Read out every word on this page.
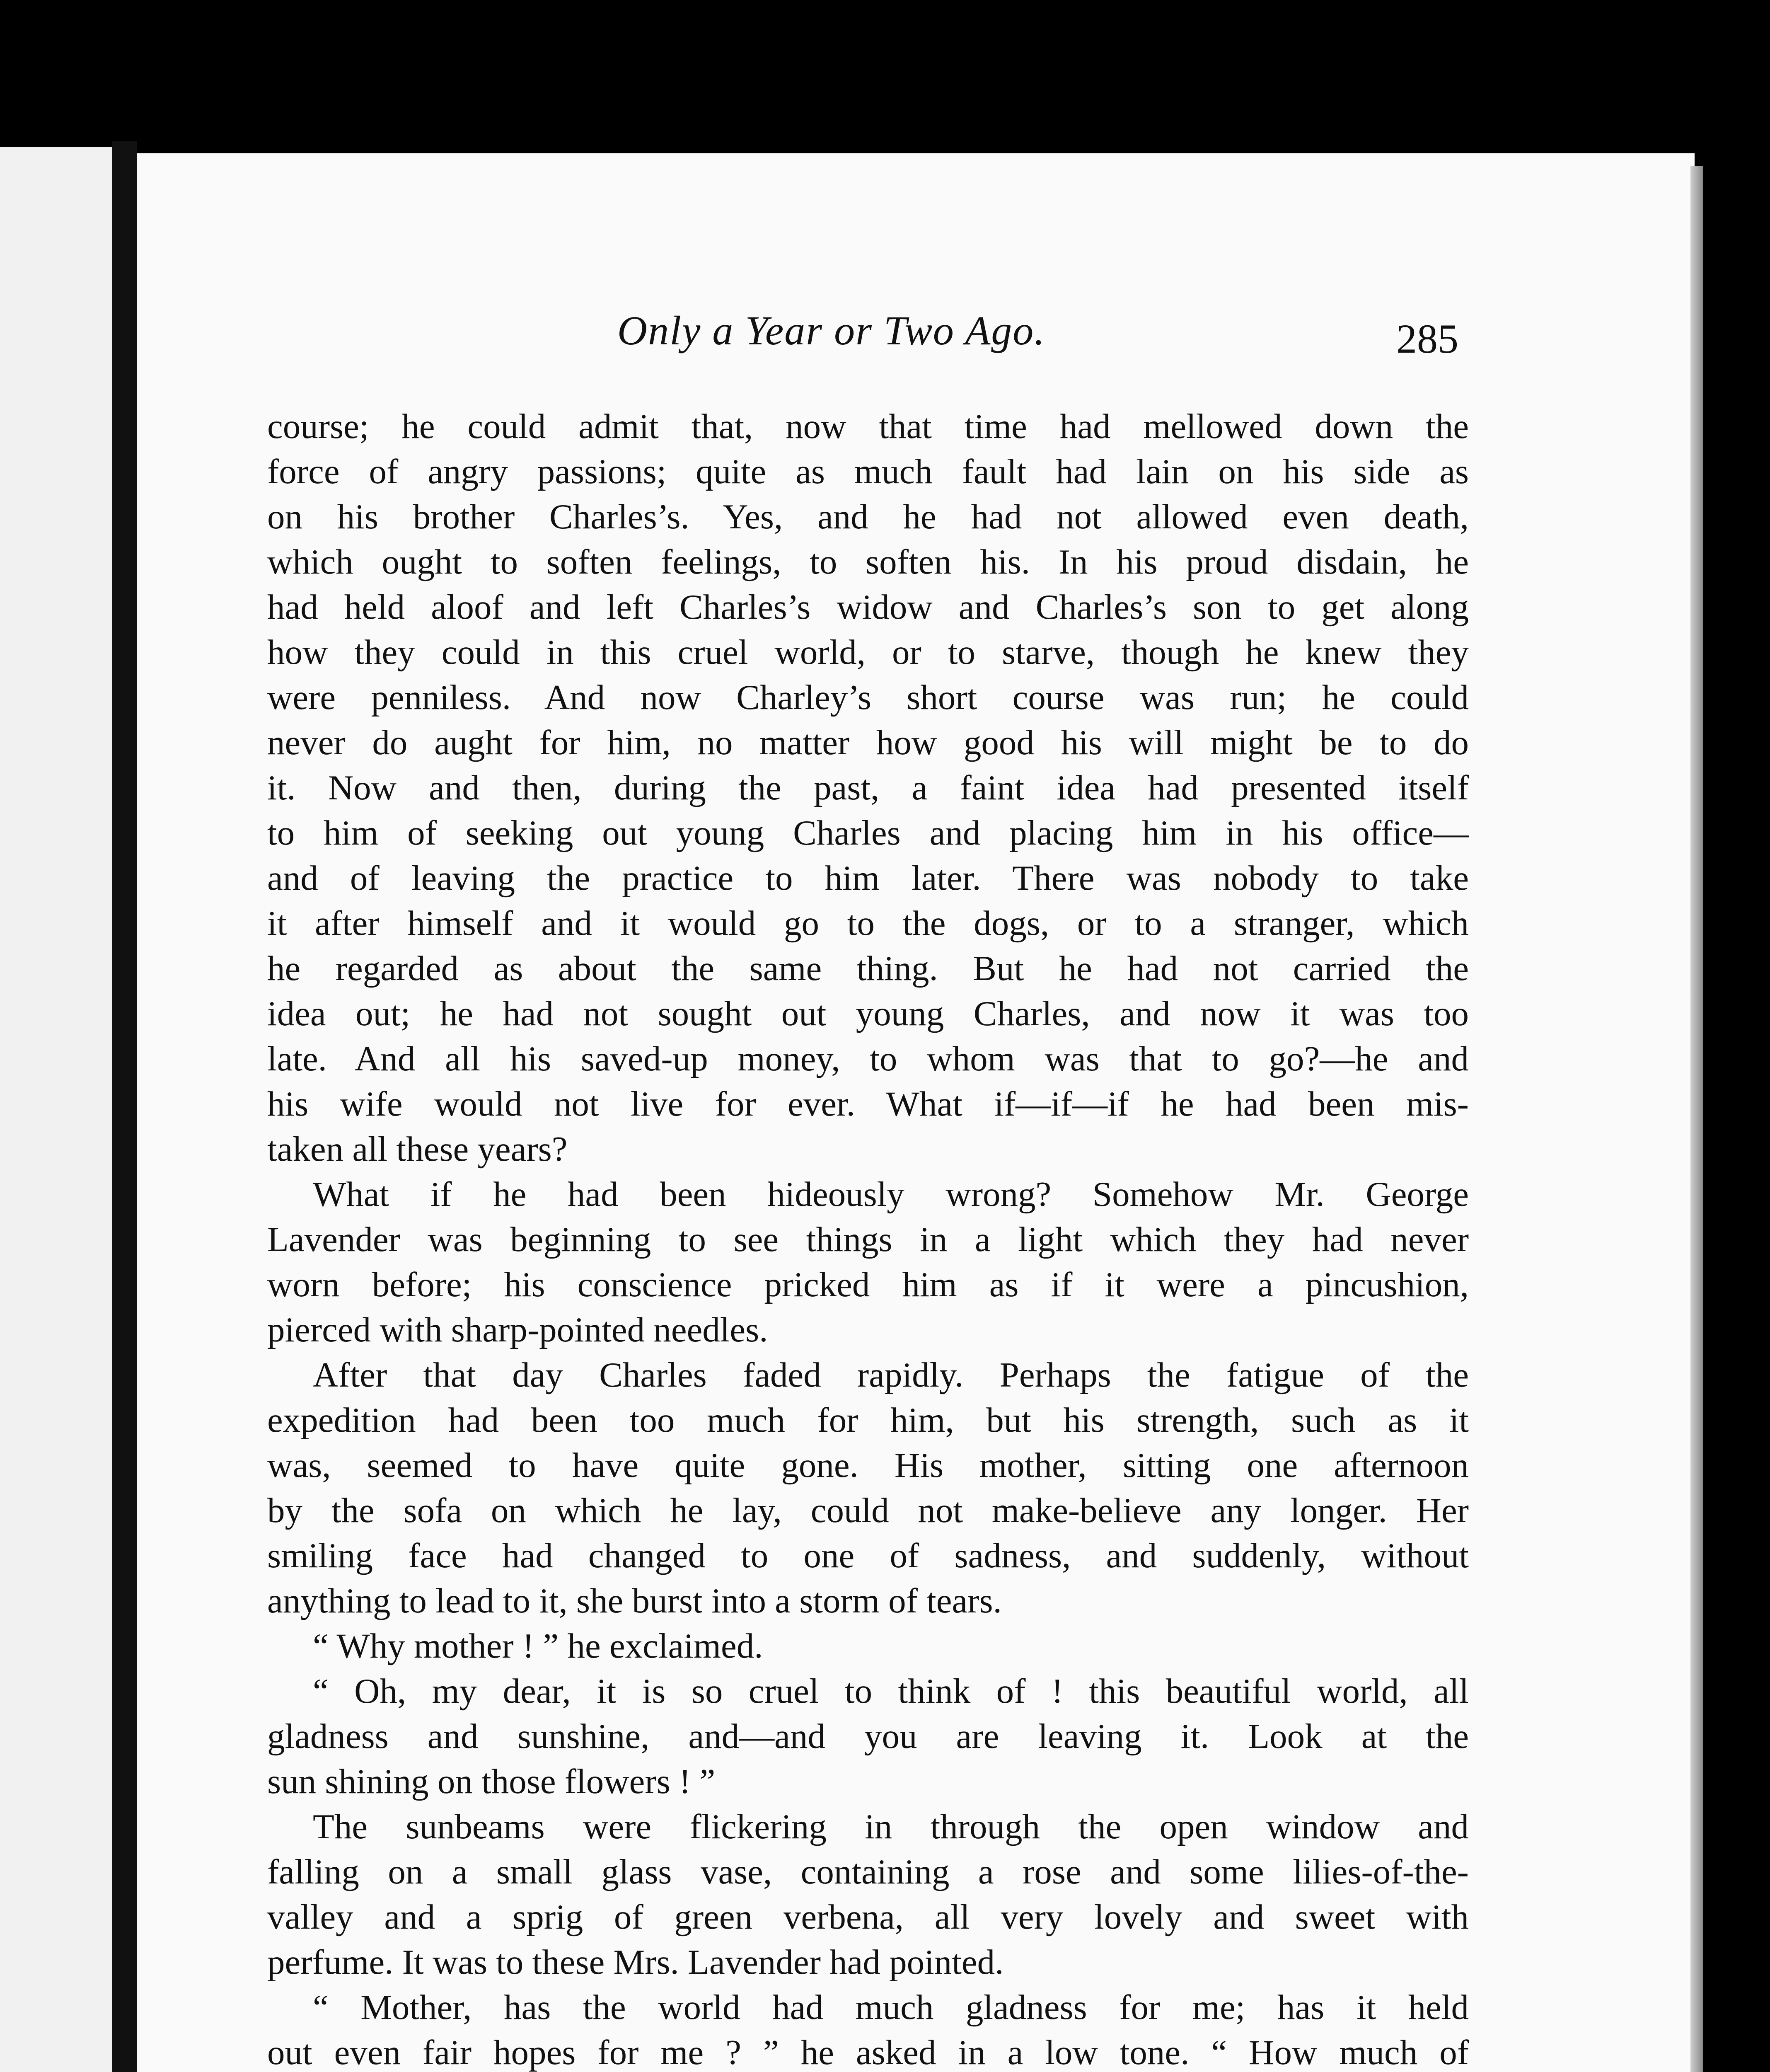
Only a Year or Two Ago.	285
course; he could admit that, now that time had mellowed down the
force of angry passions; quite as much fault had lain on his side as
on his brother Charles’s. Yes, and he had not allowed even death,
which ought to soften feelings, to soften his. In his proud disdain, he
had held aloof and left Charles’s widow and Charles’s son to get along
how they could in this cruel world, or to starve, though he knew they
were penniless. And now Charley’s short course was run; he could
never do aught for him, no matter how good his will might be to do
it. Now and then, during the past, a faint idea had presented itself
to him of seeking out young Charles and placing him in his office—
and of leaving the practice to him later. There was nobody to take
it after himself and it would go to the dogs, or to a stranger, which
he regarded as about the same thing. But he had not carried the
idea out; he had not sought out young Charles, and now it was too
late. And all his saved-up money, to whom was that to go?—he and
his wife would not live for ever. What if—if—if he had been mis-
taken all these years?
What if he had been hideously wrong? Somehow Mr. George
Lavender was beginning to see things in a light which they had never
worn before; his conscience pricked him as if it were a pincushion,
pierced with sharp-pointed needles.
After that day Charles faded rapidly. Perhaps the fatigue of the
expedition had been too much for him, but his strength, such as it
was, seemed to have quite gone. His mother, sitting one afternoon
by the sofa on which he lay, could not make-believe any longer. Her
smiling face had changed to one of sadness, and suddenly, without
anything to lead to it, she burst into a storm of tears.
“ Why mother ! ” he exclaimed.
“ Oh, my dear, it is so cruel to think of ! this beautiful world, all
gladness and sunshine, and—and you are leaving it. Look at the
sun shining on those flowers ! ”
The sunbeams were flickering in through the open window and
falling on a small glass vase, containing a rose and some lilies-of-the-
valley and a sprig of green verbena, all very lovely and sweet with
perfume. It was to these Mrs. Lavender had pointed.
“ Mother, has the world had much gladness for me; has it held
out even fair hopes for me ? ” he asked in a low tone. “ How much of
